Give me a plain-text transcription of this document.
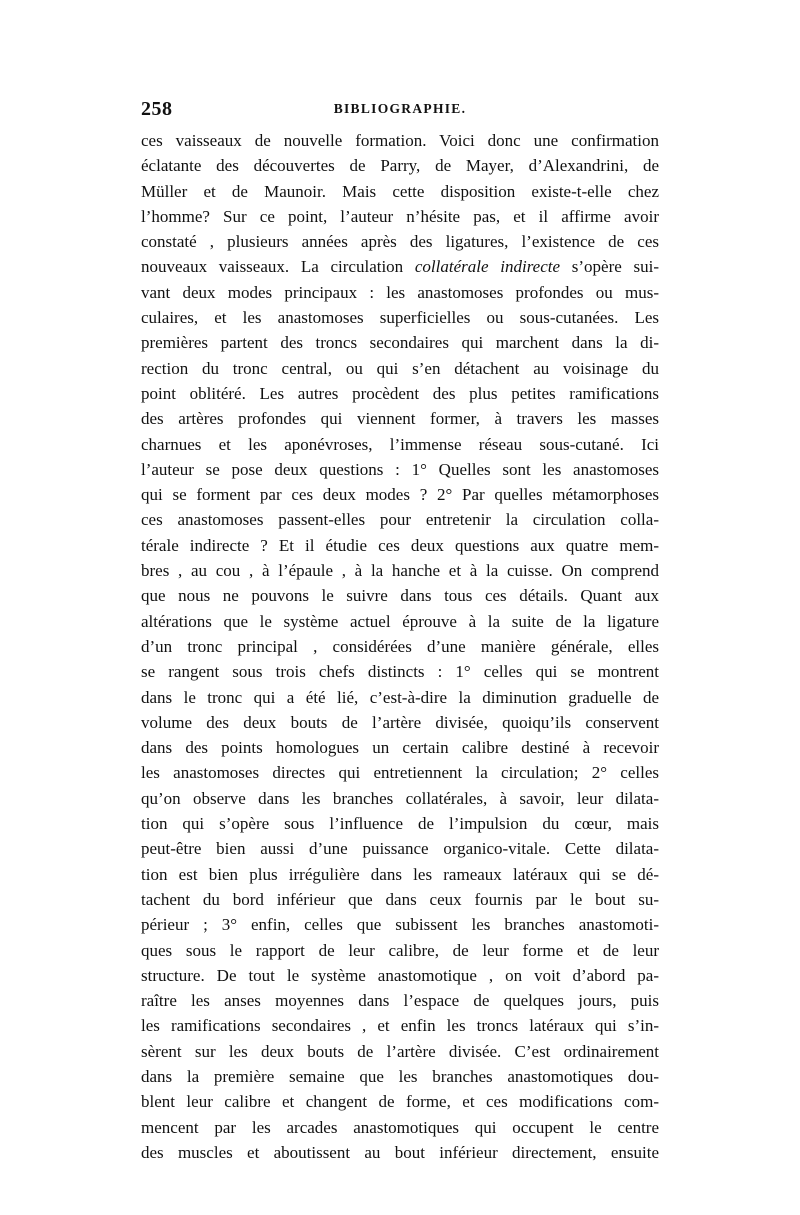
258	BIBLIOGRAPHIE.
ces vaisseaux de nouvelle formation. Voici donc une confirmation
éclatante des découvertes de Parry, de Mayer, d’Alexandrini, de
Müller et de Maunoir. Mais cette disposition existe-t-elle chez
l’homme? Sur ce point, l’auteur n’hésite pas, et il affirme avoir
constaté , plusieurs années après des ligatures, l’existence de ces
nouveaux vaisseaux. La circulation collatérale indirecte s’opère sui-
vant deux modes principaux : les anastomoses profondes ou mus-
culaires, et les anastomoses superficielles ou sous-cutanées. Les
premières partent des troncs secondaires qui marchent dans la di-
rection du tronc central, ou qui s’en détachent au voisinage du
point oblitéré. Les autres procèdent des plus petites ramifications
des artères profondes qui viennent former, à travers les masses
charnues et les aponévroses, l’immense réseau sous-cutané. Ici
l’auteur se pose deux questions : 1° Quelles sont les anastomoses
qui se forment par ces deux modes ? 2° Par quelles métamorphoses
ces anastomoses passent-elles pour entretenir la circulation colla-
térale indirecte ? Et il étudie ces deux questions aux quatre mem-
bres , au cou , à l’épaule , à la hanche et à la cuisse. On comprend
que nous ne pouvons le suivre dans tous ces détails. Quant aux
altérations que le système actuel éprouve à la suite de la ligature
d’un tronc principal , considérées d’une manière générale, elles
se rangent sous trois chefs distincts : 1° celles qui se montrent
dans le tronc qui a été lié, c’est-à-dire la diminution graduelle de
volume des deux bouts de l’artère divisée, quoiqu’ils conservent
dans des points homologues un certain calibre destiné à recevoir
les anastomoses directes qui entretiennent la circulation; 2° celles
qu’on observe dans les branches collatérales, à savoir, leur dilata-
tion qui s’opère sous l’influence de l’impulsion du cœur, mais
peut-être bien aussi d’une puissance organico-vitale. Cette dilata-
tion est bien plus irrégulière dans les rameaux latéraux qui se dé-
tachent du bord inférieur que dans ceux fournis par le bout su-
périeur ; 3° enfin, celles que subissent les branches anastomoti-
ques sous le rapport de leur calibre, de leur forme et de leur
structure. De tout le système anastomotique , on voit d’abord pa-
raître les anses moyennes dans l’espace de quelques jours, puis
les ramifications secondaires , et enfin les troncs latéraux qui s’in-
sèrent sur les deux bouts de l’artère divisée. C’est ordinairement
dans la première semaine que les branches anastomotiques dou-
blent leur calibre et changent de forme, et ces modifications com-
mencent par les arcades anastomotiques qui occupent le centre
des muscles et aboutissent au bout inférieur directement, ensuite
